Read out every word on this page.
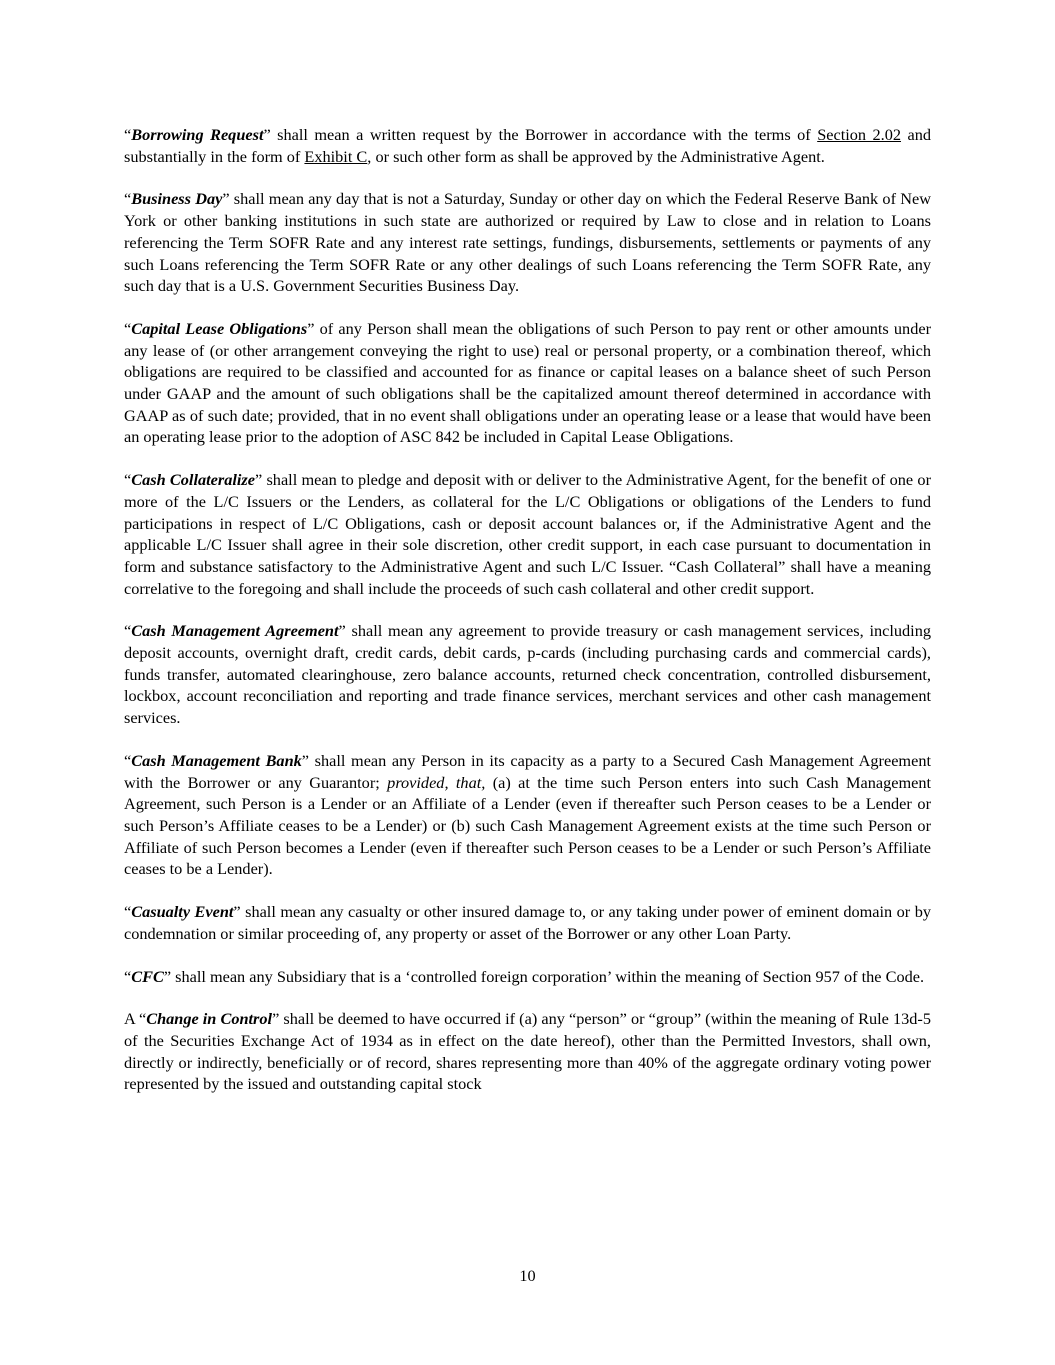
“Borrowing Request” shall mean a written request by the Borrower in accordance with the terms of Section 2.02 and substantially in the form of Exhibit C, or such other form as shall be approved by the Administrative Agent.

“Business Day” shall mean any day that is not a Saturday, Sunday or other day on which the Federal Reserve Bank of New York or other banking institutions in such state are authorized or required by Law to close and in relation to Loans referencing the Term SOFR Rate and any interest rate settings, fundings, disbursements, settlements or payments of any such Loans referencing the Term SOFR Rate or any other dealings of such Loans referencing the Term SOFR Rate, any such day that is a U.S. Government Securities Business Day.

“Capital Lease Obligations” of any Person shall mean the obligations of such Person to pay rent or other amounts under any lease of (or other arrangement conveying the right to use) real or personal property, or a combination thereof, which obligations are required to be classified and accounted for as finance or capital leases on a balance sheet of such Person under GAAP and the amount of such obligations shall be the capitalized amount thereof determined in accordance with GAAP as of such date; provided, that in no event shall obligations under an operating lease or a lease that would have been an operating lease prior to the adoption of ASC 842 be included in Capital Lease Obligations.

“Cash Collateralize” shall mean to pledge and deposit with or deliver to the Administrative Agent, for the benefit of one or more of the L/C Issuers or the Lenders, as collateral for the L/C Obligations or obligations of the Lenders to fund participations in respect of L/C Obligations, cash or deposit account balances or, if the Administrative Agent and the applicable L/C Issuer shall agree in their sole discretion, other credit support, in each case pursuant to documentation in form and substance satisfactory to the Administrative Agent and such L/C Issuer. “Cash Collateral” shall have a meaning correlative to the foregoing and shall include the proceeds of such cash collateral and other credit support.

“Cash Management Agreement” shall mean any agreement to provide treasury or cash management services, including deposit accounts, overnight draft, credit cards, debit cards, p-cards (including purchasing cards and commercial cards), funds transfer, automated clearinghouse, zero balance accounts, returned check concentration, controlled disbursement, lockbox, account reconciliation and reporting and trade finance services, merchant services and other cash management services.

“Cash Management Bank” shall mean any Person in its capacity as a party to a Secured Cash Management Agreement with the Borrower or any Guarantor; provided, that, (a) at the time such Person enters into such Cash Management Agreement, such Person is a Lender or an Affiliate of a Lender (even if thereafter such Person ceases to be a Lender or such Person’s Affiliate ceases to be a Lender) or (b) such Cash Management Agreement exists at the time such Person or Affiliate of such Person becomes a Lender (even if thereafter such Person ceases to be a Lender or such Person’s Affiliate ceases to be a Lender).

“Casualty Event” shall mean any casualty or other insured damage to, or any taking under power of eminent domain or by condemnation or similar proceeding of, any property or asset of the Borrower or any other Loan Party.

“CFC” shall mean any Subsidiary that is a ‘controlled foreign corporation’ within the meaning of Section 957 of the Code.

A “Change in Control” shall be deemed to have occurred if (a) any “person” or “group” (within the meaning of Rule 13d-5 of the Securities Exchange Act of 1934 as in effect on the date hereof), other than the Permitted Investors, shall own, directly or indirectly, beneficially or of record, shares representing more than 40% of the aggregate ordinary voting power represented by the issued and outstanding capital stock

10
